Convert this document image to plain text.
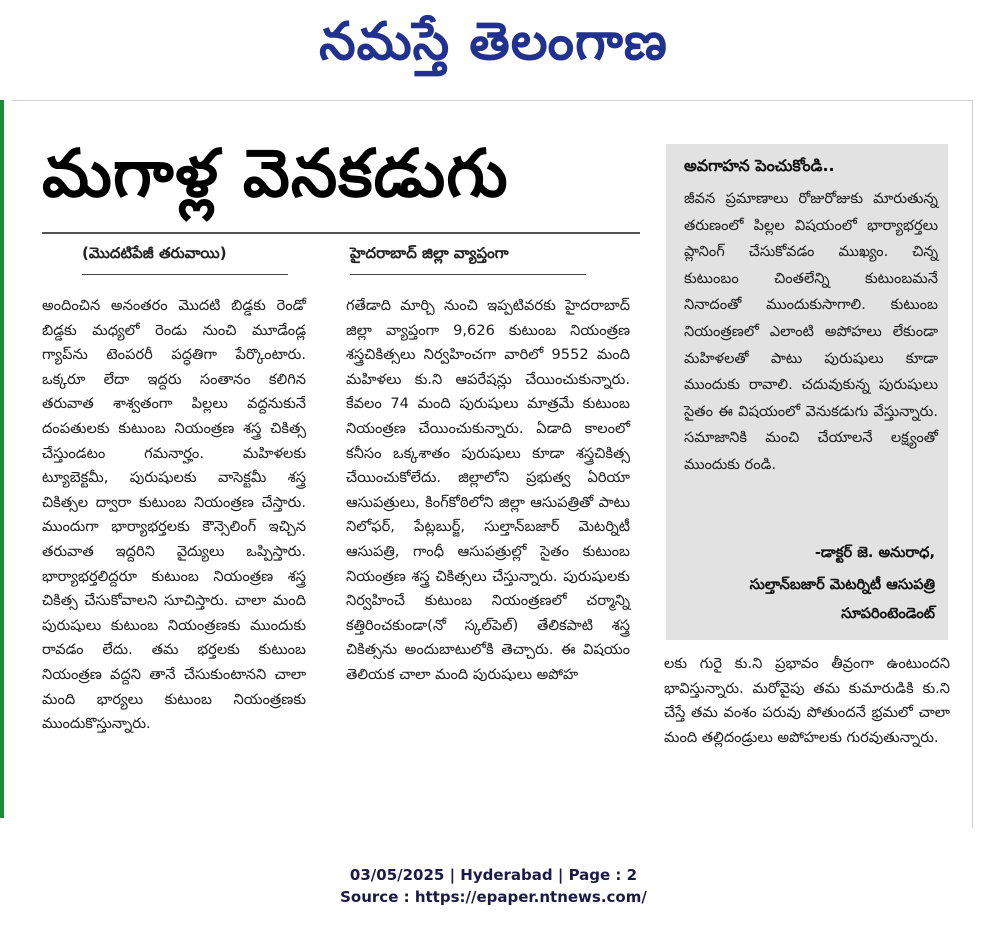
నమస్తే తెలంగాణ
మగాళ్ల వెనకడుగు
(మొదటిపేజీ తరువాయి)	హైదరాబాద్ జిల్లా వ్యాప్తంగా

అందించిన అనంతరం మొదటి బిడ్డకు రెండో బిడ్డకు మధ్యలో రెండు నుంచి మూడేండ్ల గ్యాప్‌ను టెంపరరీ పద్ధతిగా పేర్కొంటారు. ఒక్కరూ లేదా ఇద్దరు సంతానం కలిగిన తరువాత శాశ్వతంగా పిల్లలు వద్దనుకునే దంపతులకు కుటుంబ నియంత్రణ శస్త్ర చికిత్స చేస్తుండటం గమనార్హం. మహిళలకు ట్యూబెక్టమీ, పురుషులకు వాసెక్టమీ శస్త్ర చికిత్సల ద్వారా కుటుంబ నియంత్రణ చేస్తారు. ముందుగా భార్యాభర్తలకు కౌన్సెలింగ్ ఇచ్చిన తరువాత ఇద్దరిని వైద్యులు ఒప్పిస్తారు. భార్యాభర్తలిద్దరూ కుటుంబ నియంత్రణ శస్త్ర చికిత్స చేసుకోవాలని సూచిస్తారు. చాలా మంది పురుషులు కుటుంబ నియంత్రణకు ముందుకు రావడం లేదు. తమ భర్తలకు కుటుంబ నియంత్రణ వద్దని తానే చేసుకుంటానని చాలా మంది భార్యలు కుటుంబ నియంత్రణకు ముందుకొస్తున్నారు.

గతేడాది మార్చి నుంచి ఇప్పటివరకు హైదరాబాద్ జిల్లా వ్యాప్తంగా 9,626 కుటుంబ నియంత్రణ శస్త్రచికిత్సలు నిర్వహించగా వారిలో 9552 మంది మహిళలు కు.ని ఆపరేషన్లు చేయించుకున్నారు. కేవలం 74 మంది పురుషులు మాత్రమే కుటుంబ నియంత్రణ చేయించుకున్నారు. ఏడాది కాలంలో కనీసం ఒక్కశాతం పురుషులు కూడా శస్త్రచికిత్స చేయించుకోలేదు. జిల్లాలోని ప్రభుత్వ ఏరియా ఆసుపత్రులు, కింగ్‌కోఠిలోని జిల్లా ఆసుపత్రితో పాటు నిలోఫర్, పేట్లబుర్జ్, సుల్తాన్‌బజార్ మెటర్నిటీ ఆసుపత్రి, గాంధీ ఆసుపత్రుల్లో సైతం కుటుంబ నియంత్రణ శస్త్ర చికిత్సలు చేస్తున్నారు. పురుషులకు నిర్వహించే కుటుంబ నియంత్రణలో చర్మాన్ని కత్తిరించకుండా(నో స్కల్‌పెల్) తేలికపాటి శస్త్ర చికిత్సను అందుబాటులోకి తెచ్చారు. ఈ విషయం తెలియక చాలా మంది పురుషులు అపోహ

అవగాహన పెంచుకోండి..
జీవన ప్రమాణాలు రోజురోజుకు మారుతున్న తరుణంలో పిల్లల విషయంలో భార్యాభర్తలు ప్లానింగ్ చేసుకోవడం ముఖ్యం. చిన్న కుటుంబం చింతలేన్ని కుటుంబమనే నినాదంతో ముందుకుసాగాలి. కుటుంబ నియంత్రణలో ఎలాంటి అపోహలు లేకుండా మహిళలతో పాటు పురుషులు కూడా ముందుకు రావాలి. చదువుకున్న పురుషులు సైతం ఈ విషయంలో వెనుకడుగు వేస్తున్నారు. సమాజానికి మంచి చేయాలనే లక్ష్యంతో ముందుకు రండి.
-డాక్టర్ జె. అనురాధ,
సుల్తాన్‌బజార్ మెటర్నిటీ ఆసుపత్రి
సూపరింటెండెంట్

లకు గురై కు.ని ప్రభావం తీవ్రంగా ఉంటుందని భావిస్తున్నారు. మరోవైపు తమ కుమారుడికి కు.ని చేస్తే తమ వంశం పరువు పోతుందనే భ్రమలో చాలా మంది తల్లిదండ్రులు అపోహలకు గురవుతున్నారు.

03/05/2025 | Hyderabad | Page : 2
Source : https://epaper.ntnews.com/
